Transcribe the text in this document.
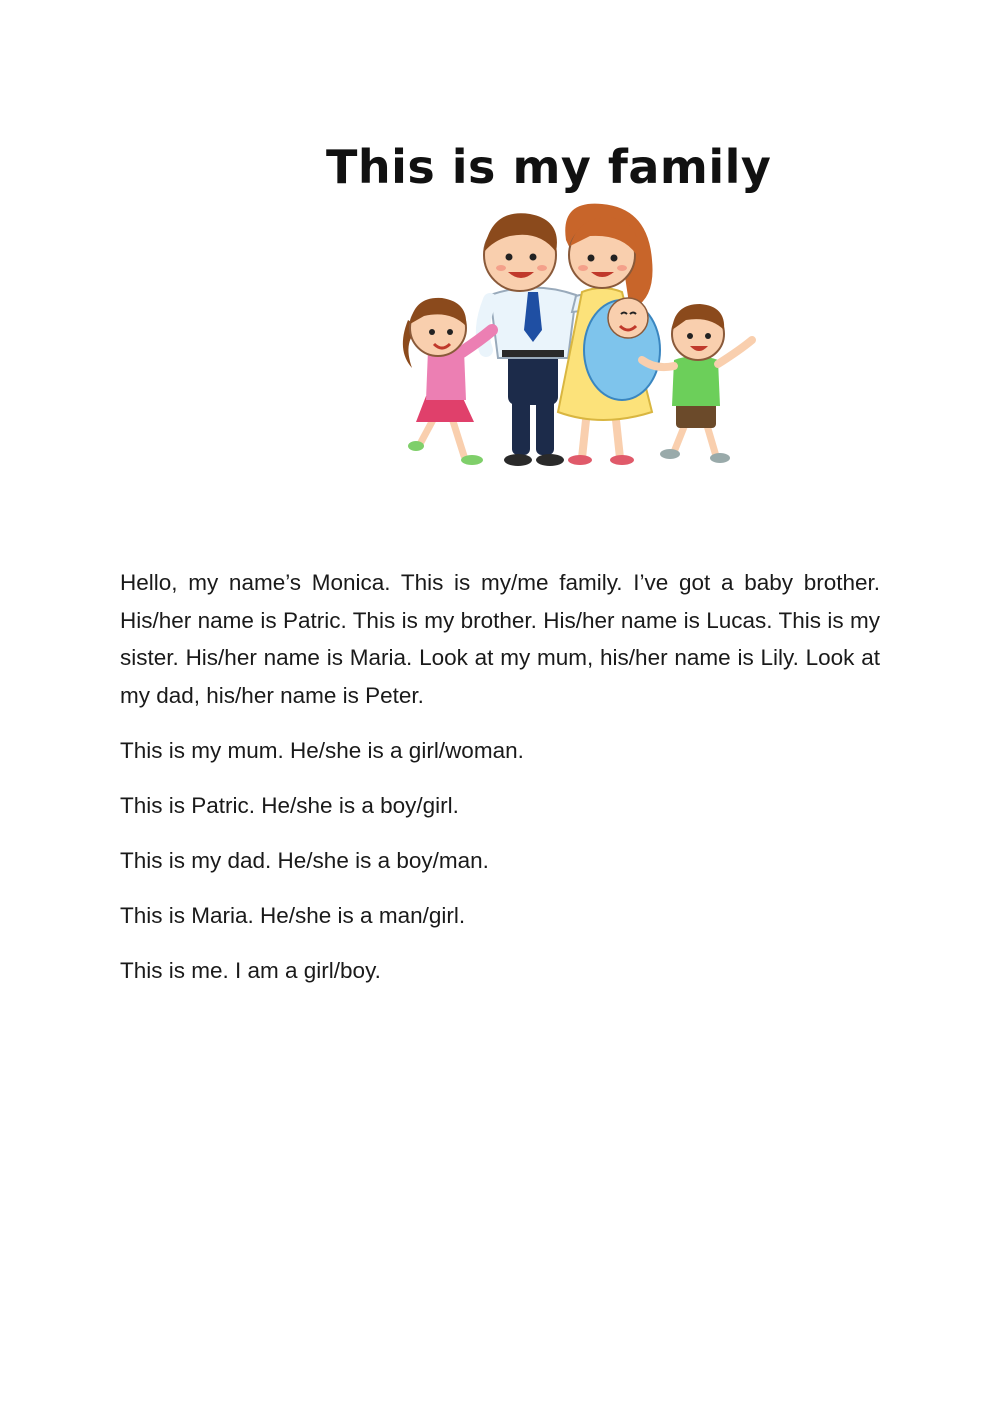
This is my family

Hello, my name’s Monica. This is my/me family. I’ve got a baby brother. His/her name is Patric. This is my brother. His/her name is Lucas. This is my sister. His/her name is Maria. Look at my mum, his/her name is Lily. Look at my dad, his/her name is Peter.

This is my mum. He/she is a girl/woman.
This is Patric. He/she is a boy/girl.
This is my dad. He/she is a boy/man.
This is Maria. He/she is a man/girl.
This is me. I am a girl/boy.
